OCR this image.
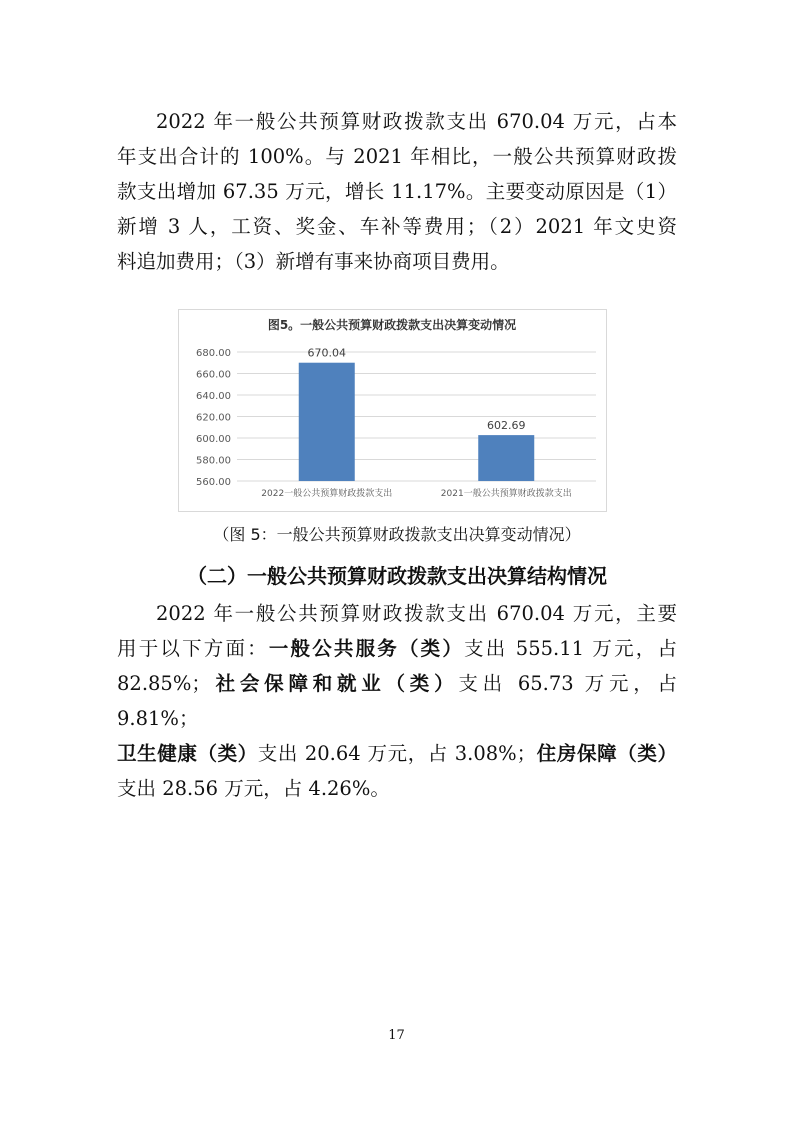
2022 年一般公共预算财政拨款支出 670.04 万元，占本
年支出合计的 100%。与 2021 年相比，一般公共预算财政拨
款支出增加 67.35 万元，增长 11.17%。主要变动原因是（1）
新增 3 人，工资、奖金、车补等费用；（2）2021 年文史资
料追加费用；（3）新增有事来协商项目费用。
图5。一般公共预算财政拨款支出决算变动情况
680.00
660.00
640.00
620.00
600.00
580.00
560.00
670.04
2022一般公共预算财政拨款支出
602.69
2021一般公共预算财政拨款支出

（图 5：一般公共预算财政拨款支出决算变动情况）

（二）一般公共预算财政拨款支出决算结构情况

2022 年一般公共预算财政拨款支出 670.04 万元，主要
用于以下方面：一般公共服务（类）支出 555.11 万元，占
82.85%；社会保障和就业（类）支出 65.73 万元，占 9.81%；
卫生健康（类）支出 20.64 万元，占 3.08%；住房保障（类）
支出 28.56 万元，占 4.26%。

17
